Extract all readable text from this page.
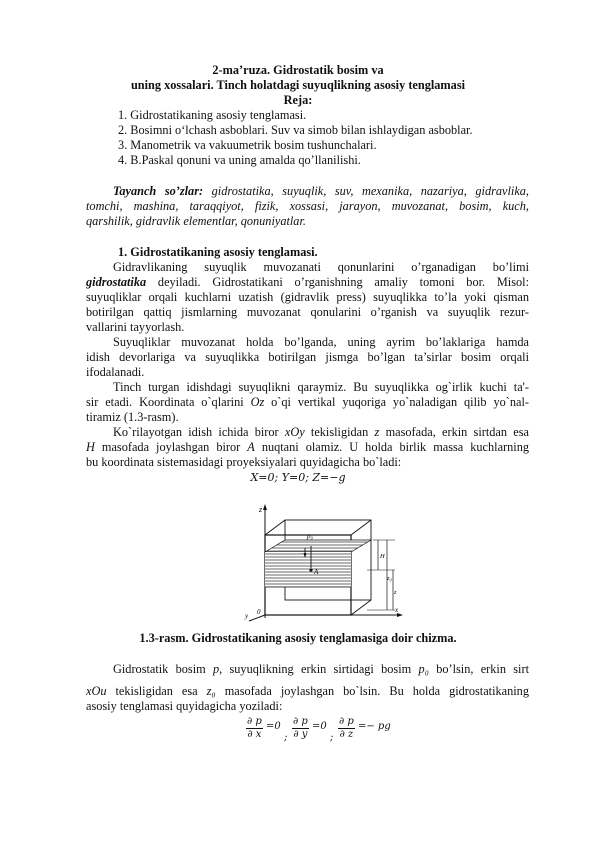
2-ma’ruza. Gidrostatik bosim va
uning xossalari. Tinch holatdagi suyuqlikning asosiy tenglamasi
Reja:
1. Gidrostatikaning asosiy tenglamasi.
2. Bosimni o‘lchash asboblari. Suv va simob bilan ishlaydigan asboblar.
3. Manometrik va vakuumetrik bosim tushunchalari.
4. B.Paskal qonuni va uning amalda qo’llanilishi.
Tayanch so’zlar: gidrostatika, suyuqlik, suv, mexanika, nazariya, gidravlika,
tomchi, mashina, taraqqiyot, fizik, xossasi, jarayon, muvozanat, bosim, kuch,
qarshilik, gidravlik elementlar, qonuniyatlar.
1. Gidrostatikaning asosiy tenglamasi.
Gidravlikaning suyuqlik muvozanati qonunlarini o’rganadigan bo’limi
gidrostatika deyiladi. Gidrostatikani o’rganishning amaliy tomoni bor. Misol:
suyuqliklar orqali kuchlarni uzatish (gidravlik press) suyuqlikka to’la yoki qisman
botirilgan qattiq jismlarning muvozanat qonularini o’rganish va suyuqlik rezur-
vallarini tayyorlash.
Suyuqliklar muvozanat holda bo’lganda, uning ayrim bo’laklariga hamda
idish devorlariga va suyuqlikka botirilgan jismga bo’lgan ta’sirlar bosim orqali
ifodalanadi.
Tinch turgan idishdagi suyuqlikni qaraymiz. Bu suyuqlikka og`irlik kuchi ta'-
sir etadi. Koordinata o`qlarini Oz o`qi vertikal yuqoriga yo`naladigan qilib yo`nal-
tiramiz (1.3-rasm).
Ko`rilayotgan idish ichida biror xOy tekisligidan z masofada, erkin sirtdan esa
H masofada joylashgan biror A nuqtani olamiz. U holda birlik massa kuchlarning
bu koordinata sistemasidagi proyeksiyalari quyidagicha bo`ladi:
X=0; Y=0; Z=−g
z
p₀
A
H
z
z₀
x
y 0
1.3-rasm. Gidrostatikaning asosiy tenglamasiga doir chizma.
Gidrostatik bosim p, suyuqlikning erkin sirtidagi bosim p₀ bo’lsin, erkin sirt
xOu tekisligidan esa z₀ masofada joylashgan bo`lsin. Bu holda gidrostatikaning
asosiy tenglamasi quyidagicha yoziladi:
$\frac{\partial p}{\partial x} =0$
; $\frac{\partial p}{\partial y} =0$
; $\frac{\partial p}{\partial z}$ =− pg
